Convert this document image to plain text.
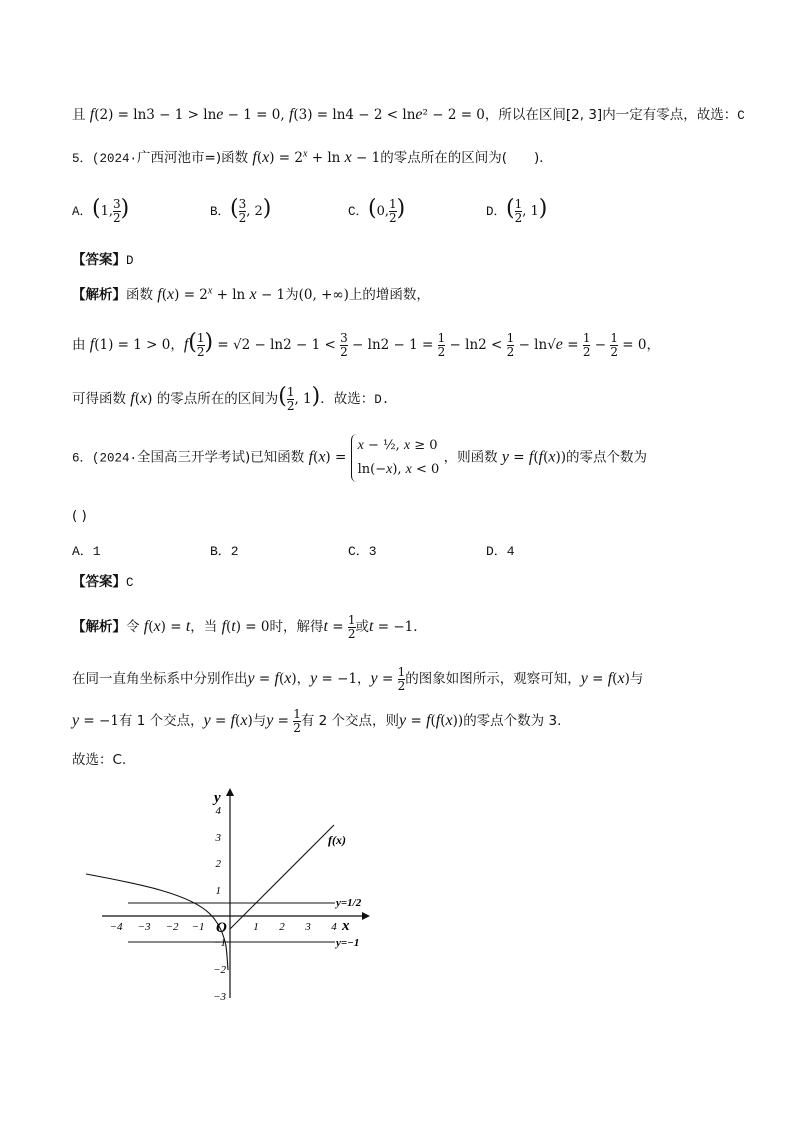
且 f(2) = ln3 − 1 > lne − 1 = 0, f(3) = ln4 − 2 < lne² − 2 = 0，所以在区间[2, 3]内一定有零点，故选：C
5．(2024·广西河池市=)函数 $f(x) = 2^x + \ln x - 1$的零点所在的区间为(　　)．
A．(1, $\frac{3}{2}$ )	B．( $\frac{3}{2}$ , 2)	C．(0, $\frac{1}{2}$ )	D．( $\frac{1}{2}$ , 1)
【答案】D
【解析】函数 $f(x) = 2^x + \ln x - 1$为(0, +∞)上的增函数，
由 f(1) = 1 > 0，$f( \frac{1}{2}$ ) = $√2 - \ln 2 - 1 < \frac{3}{2} - \ln 2 - 1 = \frac{1}{2} - \ln 2 < \frac{1}{2} - \ln√e = \frac{1}{2} - \frac{1}{2} = 0$，
可得函数 f(x) 的零点所在的区间为( $\frac{1}{2}$ , 1)．故选：D.
6．(2024·全国高三开学考试)已知函数 f(x) =
x − ½, x ≥ 0
ln(−x), x < 0
，则函数 y = f(f(x))的零点个数为
( )
A．1	B．2	C．3	D．4
【答案】C
【解析】令 f(x) = t，当 f(t) = 0时，解得$t = \frac{1}{2}$ 或t = −1.
在同一直角坐标系中分别作出y = f(x)，y = −1，$y = \frac{1}{2}$ 的图象如图所示，观察可知，y = f(x)与
y = −1有 1 个交点，y = f(x)与$y = \frac{1}{2}$ 有 2 个交点，则y = f(f(x))的零点个数为 3.
故选：C.
−4 −3 −2 −1	1 2 3 4
4
3
2
1
−1
−2
−3
y
x
O
f(x)
y=1/2
y=−1
